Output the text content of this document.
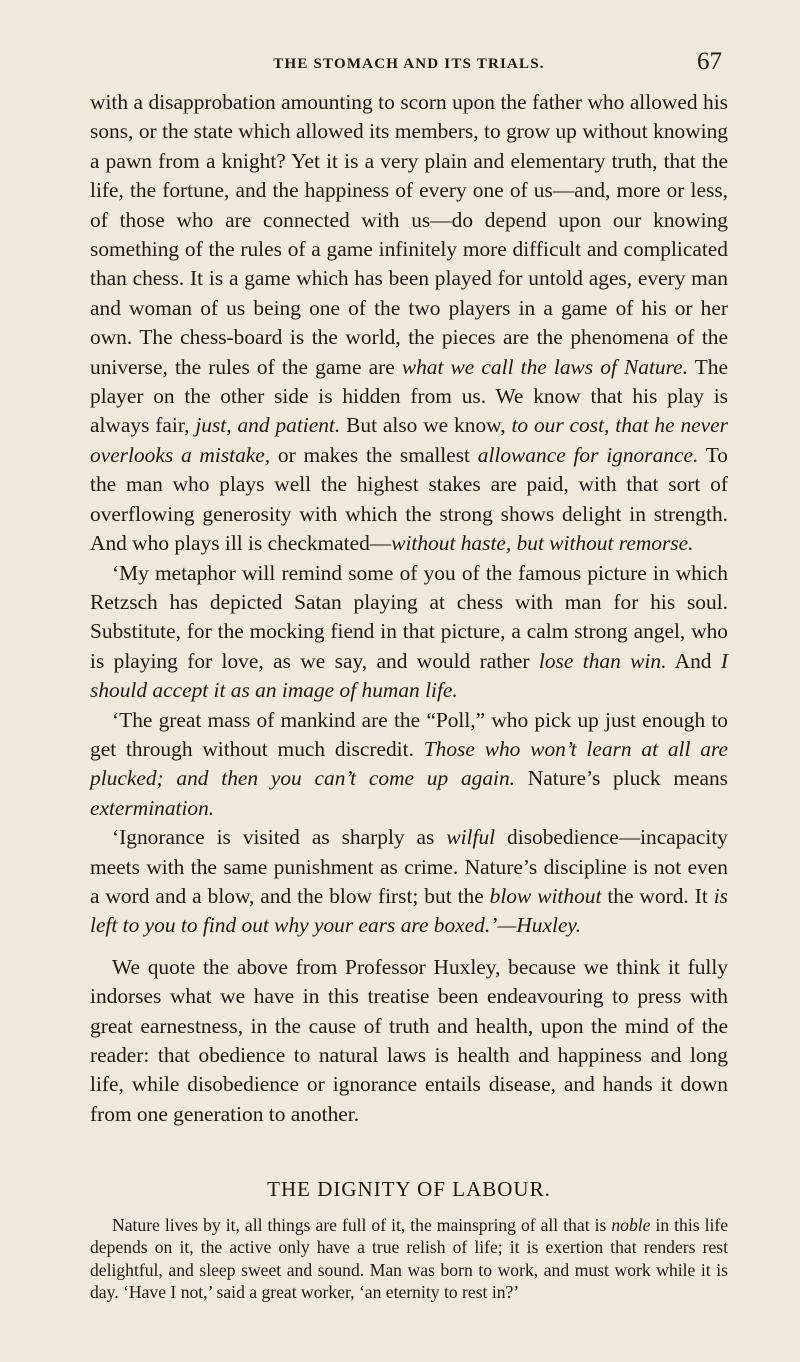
THE STOMACH AND ITS TRIALS.	67

with a disapprobation amounting to scorn upon the father who allowed his sons, or the state which allowed its members, to grow up without knowing a pawn from a knight? Yet it is a very plain and elementary truth, that the life, the fortune, and the happiness of every one of us—and, more or less, of those who are connected with us—do depend upon our knowing something of the rules of a game infinitely more difficult and complicated than chess. It is a game which has been played for untold ages, every man and woman of us being one of the two players in a game of his or her own. The chess-board is the world, the pieces are the phenomena of the universe, the rules of the game are what we call the laws of Nature. The player on the other side is hidden from us. We know that his play is always fair, just, and patient. But also we know, to our cost, that he never overlooks a mistake, or makes the smallest allowance for ignorance. To the man who plays well the highest stakes are paid, with that sort of overflowing generosity with which the strong shows delight in strength. And who plays ill is checkmated—without haste, but without remorse.

‘My metaphor will remind some of you of the famous picture in which Retzsch has depicted Satan playing at chess with man for his soul. Substitute, for the mocking fiend in that picture, a calm strong angel, who is playing for love, as we say, and would rather lose than win. And I should accept it as an image of human life.

‘The great mass of mankind are the “Poll,” who pick up just enough to get through without much discredit. Those who won’t learn at all are plucked; and then you can’t come up again. Nature’s pluck means extermination.

‘Ignorance is visited as sharply as wilful disobedience—incapacity meets with the same punishment as crime. Nature’s discipline is not even a word and a blow, and the blow first; but the blow without the word. It is left to you to find out why your ears are boxed.’—Huxley.

We quote the above from Professor Huxley, because we think it fully indorses what we have in this treatise been endeavouring to press with great earnestness, in the cause of truth and health, upon the mind of the reader: that obedience to natural laws is health and happiness and long life, while disobedience or ignorance entails disease, and hands it down from one generation to another.

THE DIGNITY OF LABOUR.

Nature lives by it, all things are full of it, the mainspring of all that is noble in this life depends on it, the active only have a true relish of life; it is exertion that renders rest delightful, and sleep sweet and sound. Man was born to work, and must work while it is day. ‘Have I not,’ said a great worker, ‘an eternity to rest in?’
